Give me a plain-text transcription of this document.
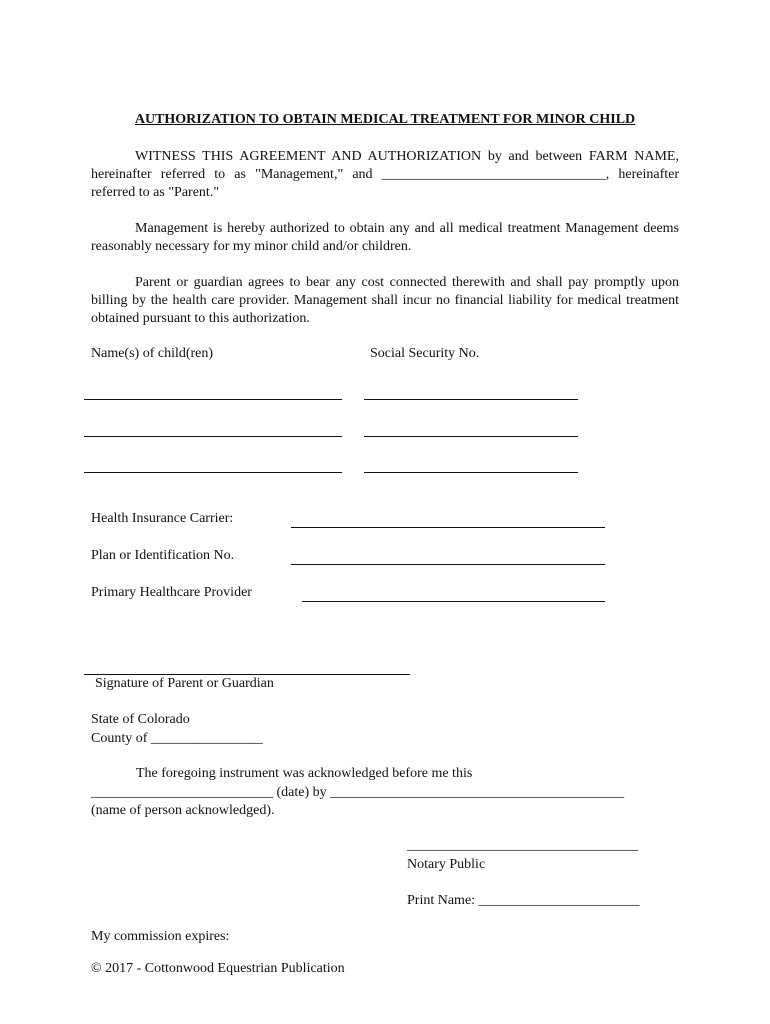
AUTHORIZATION TO OBTAIN MEDICAL TREATMENT FOR MINOR CHILD
WITNESS THIS AGREEMENT AND AUTHORIZATION by and between FARM NAME, hereinafter referred to as "Management," and ________________________________, hereinafter referred to as "Parent."
Management is hereby authorized to obtain any and all medical treatment Management deems reasonably necessary for my minor child and/or children.
Parent or guardian agrees to bear any cost connected therewith and shall pay promptly upon billing by the health care provider. Management shall incur no financial liability for medical treatment obtained pursuant to this authorization.
Name(s) of child(ren)	Social Security No.
Health Insurance Carrier:
Plan or Identification No.
Primary Healthcare Provider
Signature of Parent or Guardian
State of Colorado
County of ________________
The foregoing instrument was acknowledged before me this
__________________________ (date) by __________________________________________
(name of person acknowledged).
_________________________________
Notary Public
Print Name: _______________________
My commission expires:
© 2017 - Cottonwood Equestrian Publication
